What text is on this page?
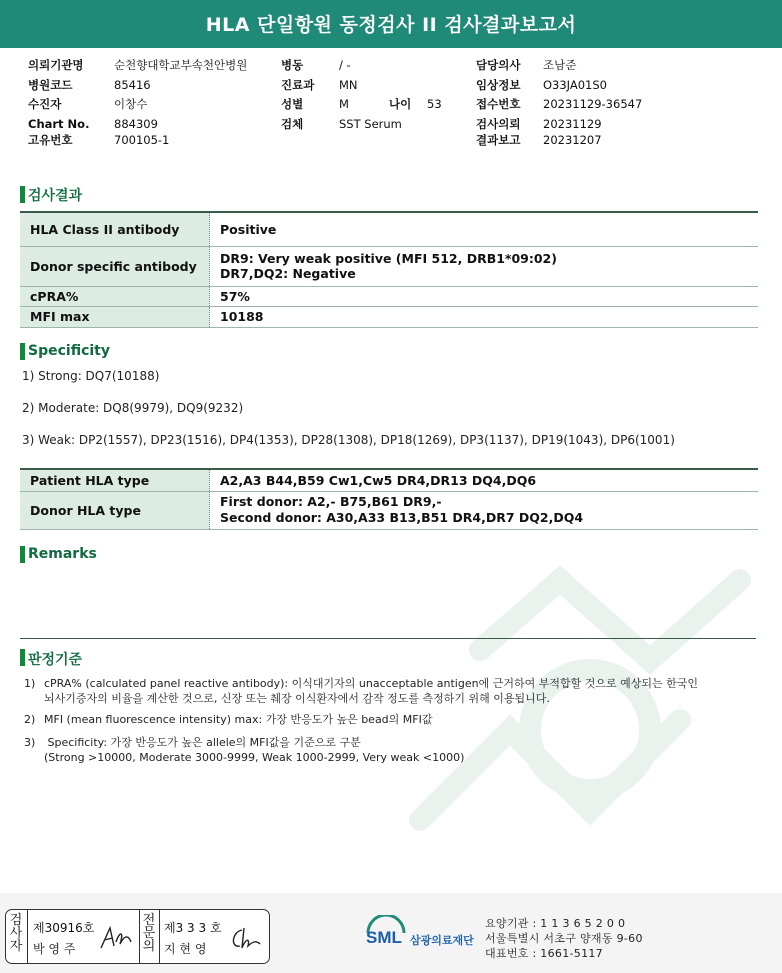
HLA 단일항원 동정검사 II 검사결과보고서
의뢰기관명	순천향대학교부속천안병원
병원코드	85416
수진자	이창수
Chart No. 884309
고유번호	700105-1
병동	/ -
진료과 MN
성별	M	나이 53
검체	SST Serum
담당의사 조남준
임상정보 O33JA01S0
접수번호 20231129-36547
검사의뢰 20231129
결과보고 20231207
검사결과
HLA Class II antibody	Positive
Donor specific antibody	DR9: Very weak positive (MFI 512, DRB1*09:02)
DR7,DQ2: Negative

cPRA%	57%
MFI max	10188
Specificity
1) Strong: DQ7(10188)
2) Moderate: DQ8(9979), DQ9(9232)
3) Weak: DP2(1557), DP23(1516), DP4(1353), DP28(1308), DP18(1269), DP3(1137), DP19(1043), DP6(1001)
Patient HLA type	A2,A3 B44,B59 Cw1,Cw5 DR4,DR13 DQ4,DQ6
Donor HLA type	First donor: A2,- B75,B61 DR9,-
Second donor: A30,A33 B13,B51 DR4,DR7 DQ2,DQ4
Remarks
판정기준
1) cPRA% (calculated panel reactive antibody): 이식대기자의 unacceptable antigen에 근거하여 부적합할 것으로 예상되는 한국인
뇌사기증자의 비율을 계산한 것으로, 신장 또는 췌장 이식환자에서 감작 정도를 측정하기 위해 이용됩니다.
2) MFI (mean fluorescence intensity) max: 가장 반응도가 높은 bead의 MFI값
3) Specificity: 가장 반응도가 높은 allele의 MFI값을 기준으로 구분
(Strong >10000, Moderate 3000-9999, Weak 1000-2999, Very weak <1000)
검
사
자
제30916호
박 영 주
전
문
의
제3 3 3 호
지 현 영
SML 삼광의료재단
요양기관 : 1 1 3 6 5 2 0 0
서울특별시 서초구 양재동 9-60
대표번호 : 1661-5117
